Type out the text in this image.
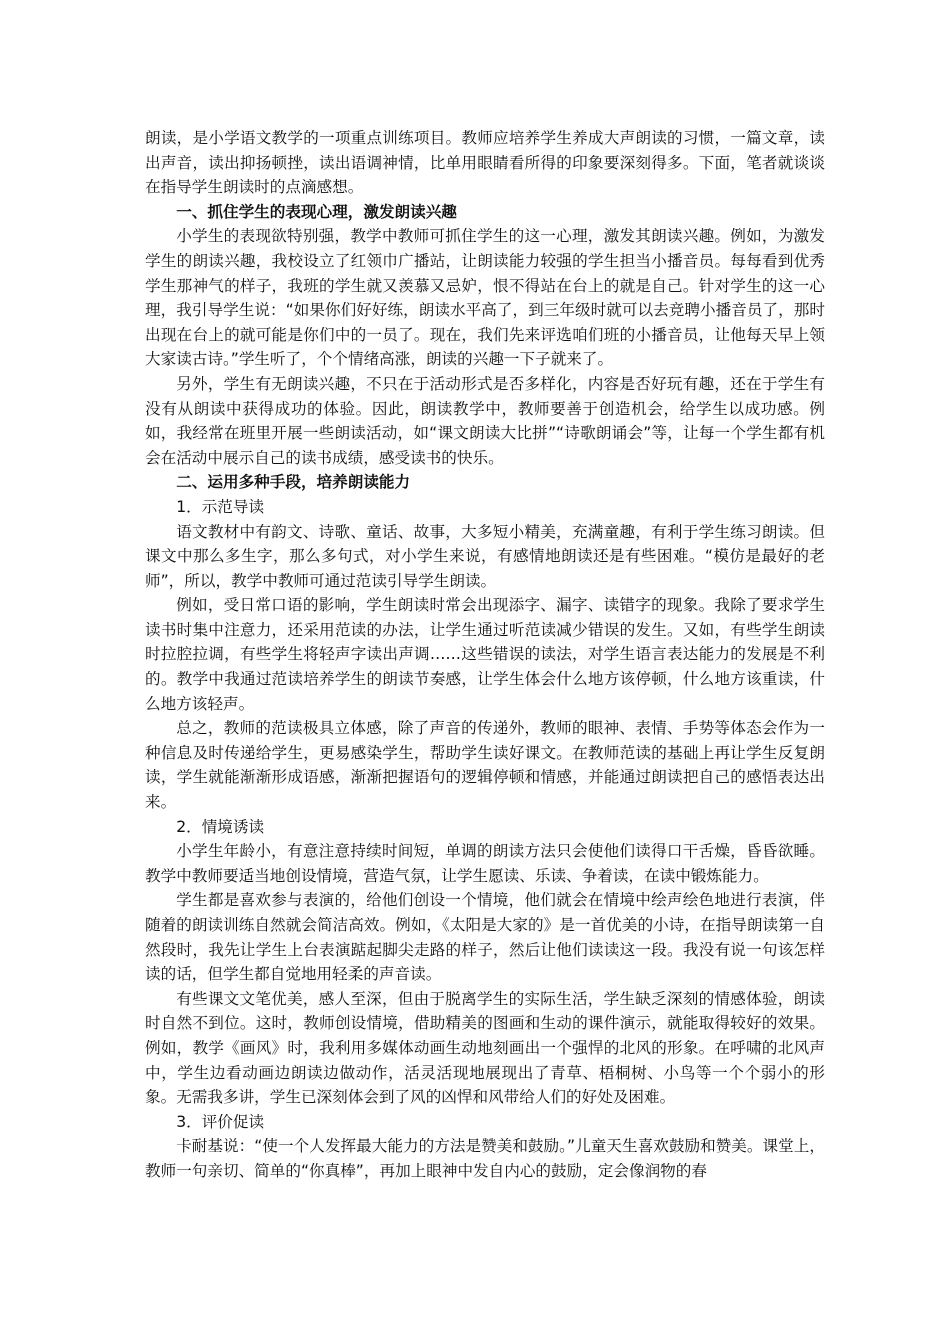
朗读，是小学语文教学的一项重点训练项目。教师应培养学生养成大声朗读的习惯，一篇文章，读出声音，读出抑扬顿挫，读出语调神情，比单用眼睛看所得的印象要深刻得多。下面，笔者就谈谈在指导学生朗读时的点滴感想。

一、抓住学生的表现心理，激发朗读兴趣

小学生的表现欲特别强，教学中教师可抓住学生的这一心理，激发其朗读兴趣。例如，为激发学生的朗读兴趣，我校设立了红领巾广播站，让朗读能力较强的学生担当小播音员。每每看到优秀学生那神气的样子，我班的学生就又羡慕又忌妒，恨不得站在台上的就是自己。针对学生的这一心理，我引导学生说：“如果你们好好练，朗读水平高了，到三年级时就可以去竞聘小播音员了，那时出现在台上的就可能是你们中的一员了。现在，我们先来评选咱们班的小播音员，让他每天早上领大家读古诗。”学生听了，个个情绪高涨，朗读的兴趣一下子就来了。

另外，学生有无朗读兴趣，不只在于活动形式是否多样化，内容是否好玩有趣，还在于学生有没有从朗读中获得成功的体验。因此，朗读教学中，教师要善于创造机会，给学生以成功感。例如，我经常在班里开展一些朗读活动，如“课文朗读大比拼”“诗歌朗诵会”等，让每一个学生都有机会在活动中展示自己的读书成绩，感受读书的快乐。

二、运用多种手段，培养朗读能力

1．示范导读

语文教材中有韵文、诗歌、童话、故事，大多短小精美，充满童趣，有利于学生练习朗读。但课文中那么多生字，那么多句式，对小学生来说，有感情地朗读还是有些困难。“模仿是最好的老师”，所以，教学中教师可通过范读引导学生朗读。

例如，受日常口语的影响，学生朗读时常会出现添字、漏字、读错字的现象。我除了要求学生读书时集中注意力，还采用范读的办法，让学生通过听范读减少错误的发生。又如，有些学生朗读时拉腔拉调，有些学生将轻声字读出声调……这些错误的读法，对学生语言表达能力的发展是不利的。教学中我通过范读培养学生的朗读节奏感，让学生体会什么地方该停顿，什么地方该重读，什么地方该轻声。

总之，教师的范读极具立体感，除了声音的传递外，教师的眼神、表情、手势等体态会作为一种信息及时传递给学生，更易感染学生，帮助学生读好课文。在教师范读的基础上再让学生反复朗读，学生就能渐渐形成语感，渐渐把握语句的逻辑停顿和情感，并能通过朗读把自己的感悟表达出来。

2．情境诱读

小学生年龄小，有意注意持续时间短，单调的朗读方法只会使他们读得口干舌燥，昏昏欲睡。教学中教师要适当地创设情境，营造气氛，让学生愿读、乐读、争着读，在读中锻炼能力。

学生都是喜欢参与表演的，给他们创设一个情境，他们就会在情境中绘声绘色地进行表演，伴随着的朗读训练自然就会简洁高效。例如，《太阳是大家的》是一首优美的小诗，在指导朗读第一自然段时，我先让学生上台表演踮起脚尖走路的样子，然后让他们读读这一段。我没有说一句该怎样读的话，但学生都自觉地用轻柔的声音读。

有些课文文笔优美，感人至深，但由于脱离学生的实际生活，学生缺乏深刻的情感体验，朗读时自然不到位。这时，教师创设情境，借助精美的图画和生动的课件演示，就能取得较好的效果。例如，教学《画风》时，我利用多媒体动画生动地刻画出一个强悍的北风的形象。在呼啸的北风声中，学生边看动画边朗读边做动作，活灵活现地展现出了青草、梧桐树、小鸟等一个个弱小的形象。无需我多讲，学生已深刻体会到了风的凶悍和风带给人们的好处及困难。

3．评价促读

卡耐基说：“使一个人发挥最大能力的方法是赞美和鼓励。”儿童天生喜欢鼓励和赞美。课堂上，教师一句亲切、简单的“你真棒”，再加上眼神中发自内心的鼓励，定会像润物的春
